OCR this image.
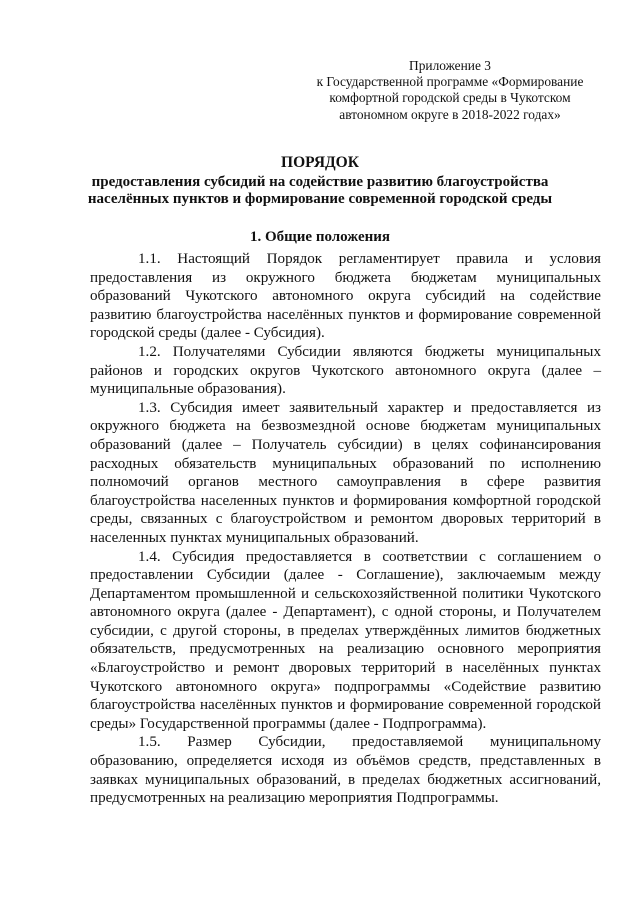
Приложение 3
к Государственной программе «Формирование
комфортной городской среды в Чукотском
автономном округе в 2018-2022 годах»
ПОРЯДОК
предоставления субсидий на содействие развитию благоустройства
населённых пунктов и формирование современной городской среды
1. Общие положения

1.1. Настоящий Порядок регламентирует правила и условия предоставления из окружного бюджета бюджетам муниципальных образований Чукотского автономного округа субсидий на содействие развитию благоустройства населённых пунктов и формирование современной городской среды (далее - Субсидия).

1.2. Получателями Субсидии являются бюджеты муниципальных районов и городских округов Чукотского автономного округа (далее – муниципальные образования).

1.3. Субсидия имеет заявительный характер и предоставляется из окружного бюджета на безвозмездной основе бюджетам муниципальных образований (далее – Получатель субсидии) в целях софинансирования расходных обязательств муниципальных образований по исполнению полномочий органов местного самоуправления в сфере развития благоустройства населенных пунктов и формирования комфортной городской среды, связанных с благоустройством и ремонтом дворовых территорий в населенных пунктах муниципальных образований.

1.4. Субсидия предоставляется в соответствии с соглашением о предоставлении Субсидии (далее - Соглашение), заключаемым между Департаментом промышленной и сельскохозяйственной политики Чукотского автономного округа (далее - Департамент), с одной стороны, и Получателем субсидии, с другой стороны, в пределах утверждённых лимитов бюджетных обязательств, предусмотренных на реализацию основного мероприятия «Благоустройство и ремонт дворовых территорий в населённых пунктах Чукотского автономного округа» подпрограммы «Содействие развитию благоустройства населённых пунктов и формирование современной городской среды» Государственной программы (далее - Подпрограмма).

1.5. Размер Субсидии, предоставляемой муниципальному образованию, определяется исходя из объёмов средств, представленных в заявках муниципальных образований, в пределах бюджетных ассигнований, предусмотренных на реализацию мероприятия Подпрограммы.
